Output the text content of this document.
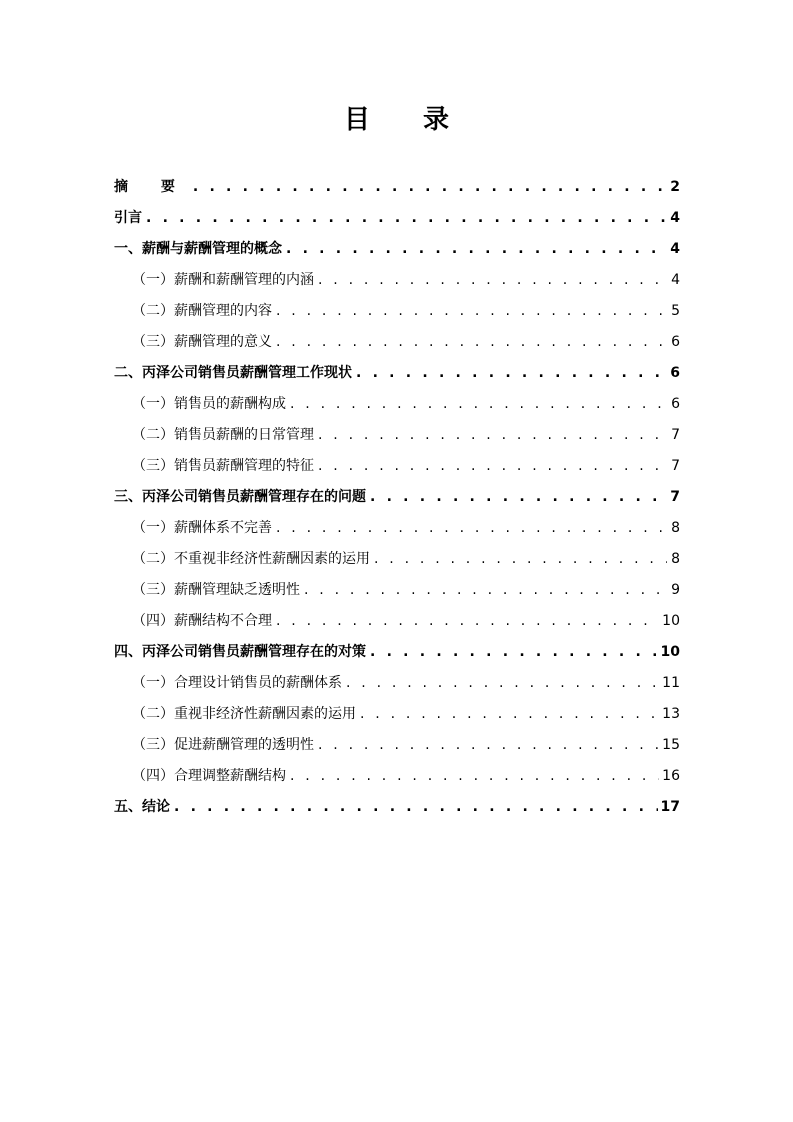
目 录
摘 要 . . .	2
引言 . . .	4
一、薪酬与薪酬管理的概念 . . .	4
（一）薪酬和薪酬管理的内涵 . . .	4
（二）薪酬管理的内容 . . .	5
（三）薪酬管理的意义 . . .	6
二、丙泽公司销售员薪酬管理工作现状 . . .	6
（一）销售员的薪酬构成 . . .	6
（二）销售员薪酬的日常管理 . . .	7
（三）销售员薪酬管理的特征 . . .	7
三、丙泽公司销售员薪酬管理存在的问题 . . .	7
（一）薪酬体系不完善 . . .	8
（二）不重视非经济性薪酬因素的运用 . . .	8
（三）薪酬管理缺乏透明性 . . .	9
（四）薪酬结构不合理 . . .	10
四、丙泽公司销售员薪酬管理存在的对策 . . .	10
（一）合理设计销售员的薪酬体系 . . .	11
（二）重视非经济性薪酬因素的运用 . . .	13
（三）促进薪酬管理的透明性 . . .	15
（四）合理调整薪酬结构 . . .	16
五、结论 . . .	17
